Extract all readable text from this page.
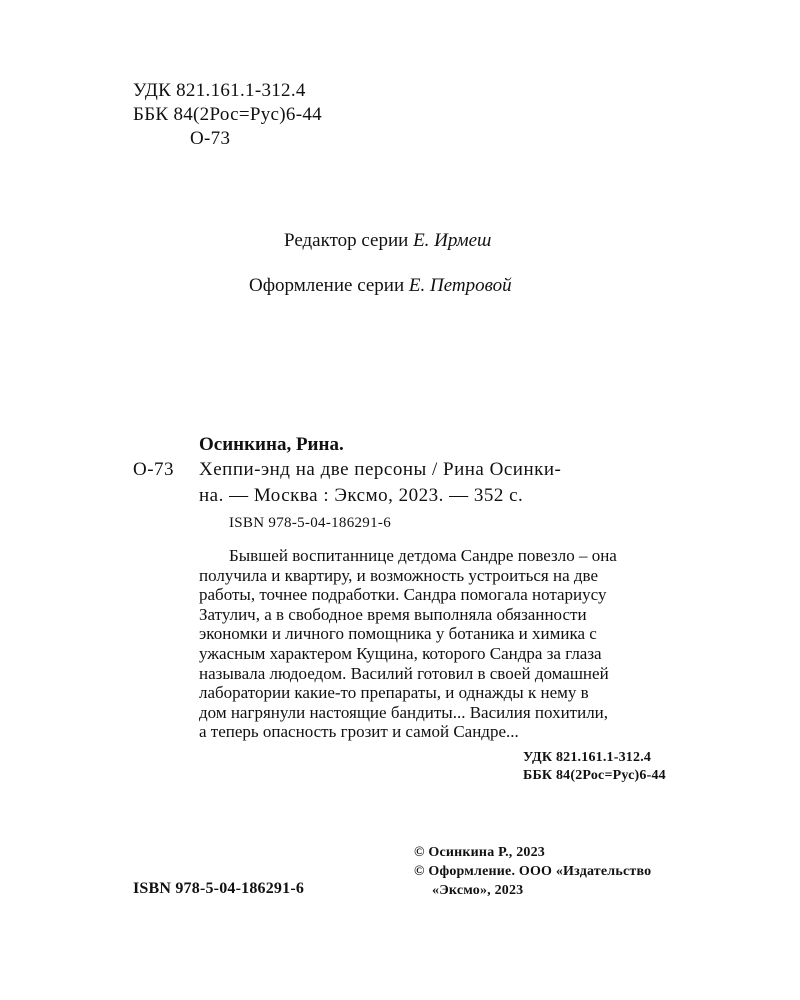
УДК 821.161.1-312.4
ББК 84(2Рос=Рус)6-44
О-73
Редактор серии Е. Ирмеш
Оформление серии Е. Петровой
Осинкина, Рина.
О-73 Хеппи-энд на две персоны / Рина Осинки-
на. — Москва : Эксмо, 2023. — 352 с.
ISBN 978-5-04-186291-6
Бывшей воспитаннице детдома Сандре повезло – она
получила и квартиру, и возможность устроиться на две
работы, точнее подработки. Сандра помогала нотариусу
Затулич, а в свободное время выполняла обязанности
экономки и личного помощника у ботаника и химика с
ужасным характером Кущина, которого Сандра за глаза
называла людоедом. Василий готовил в своей домашней
лаборатории какие-то препараты, и однажды к нему в
дом нагрянули настоящие бандиты... Василия похитили,
а теперь опасность грозит и самой Сандре...
УДК 821.161.1-312.4
ББК 84(2Рос=Рус)6-44
© Осинкина Р., 2023
© Оформление. ООО «Издательство
«Эксмо», 2023
ISBN 978-5-04-186291-6
